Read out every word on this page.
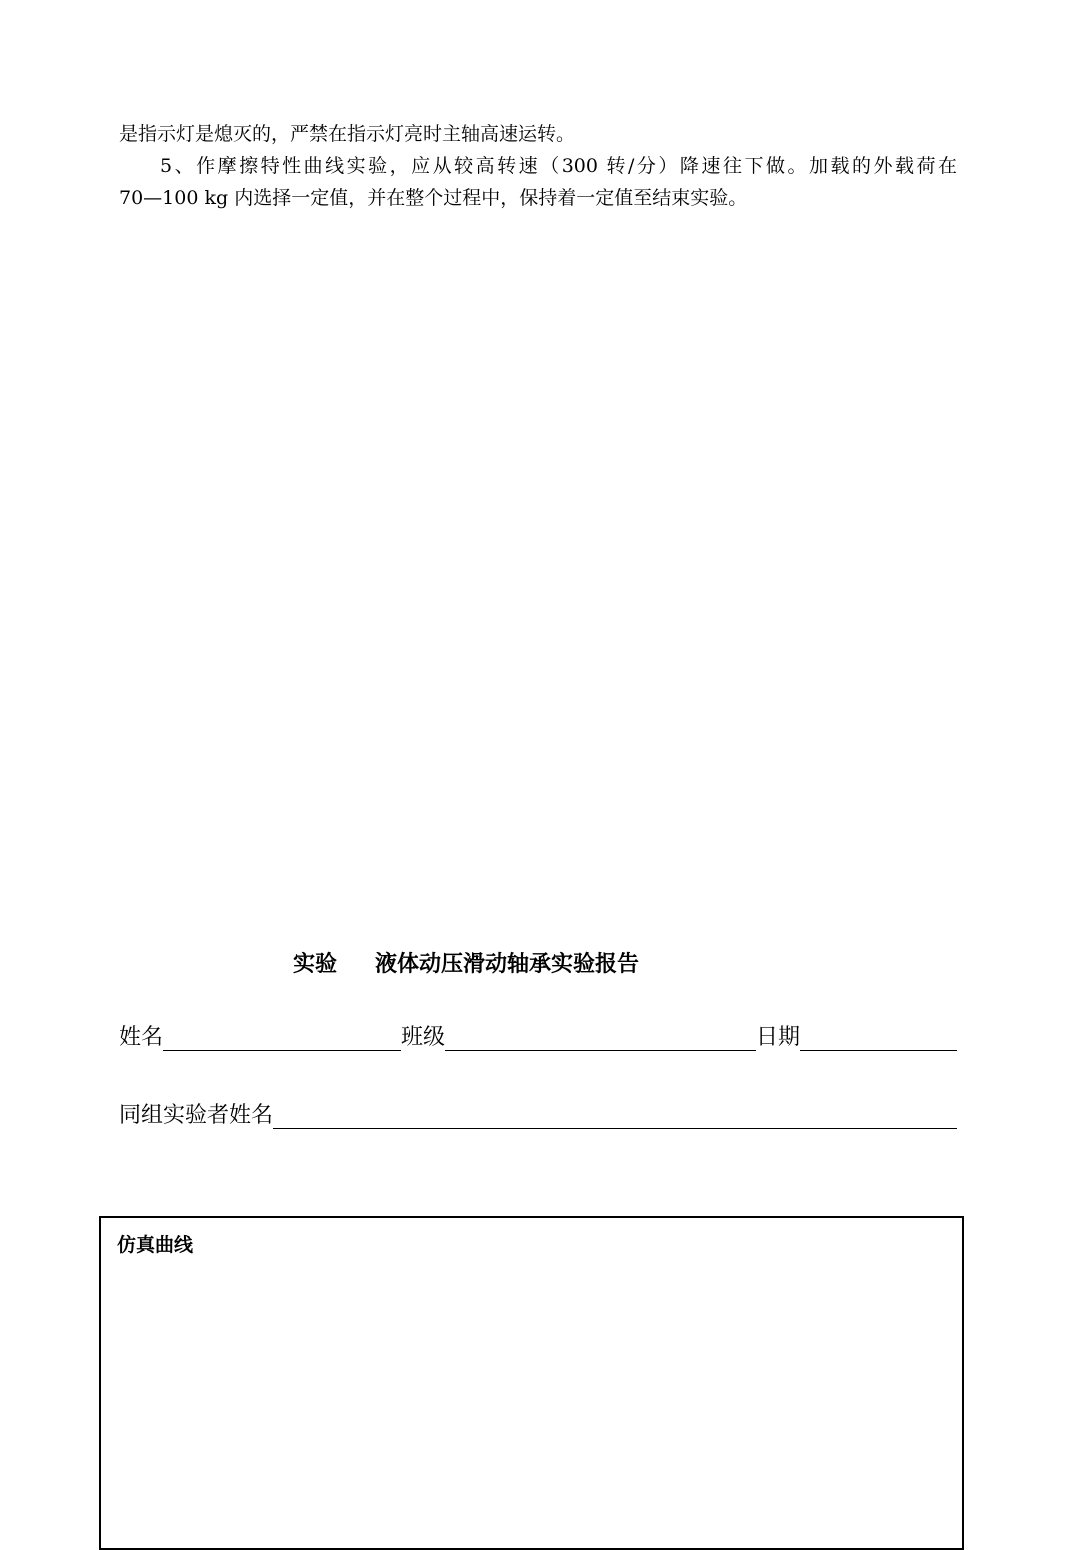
是指示灯是熄灭的，严禁在指示灯亮时主轴高速运转。
5、作摩擦特性曲线实验，应从较高转速（300 转/分）降速往下做。加载的外载荷在
70—100 kg 内选择一定值，并在整个过程中，保持着一定值至结束实验。
实验 液体动压滑动轴承实验报告
姓名	班级	日期
同组实验者姓名
仿真曲线
